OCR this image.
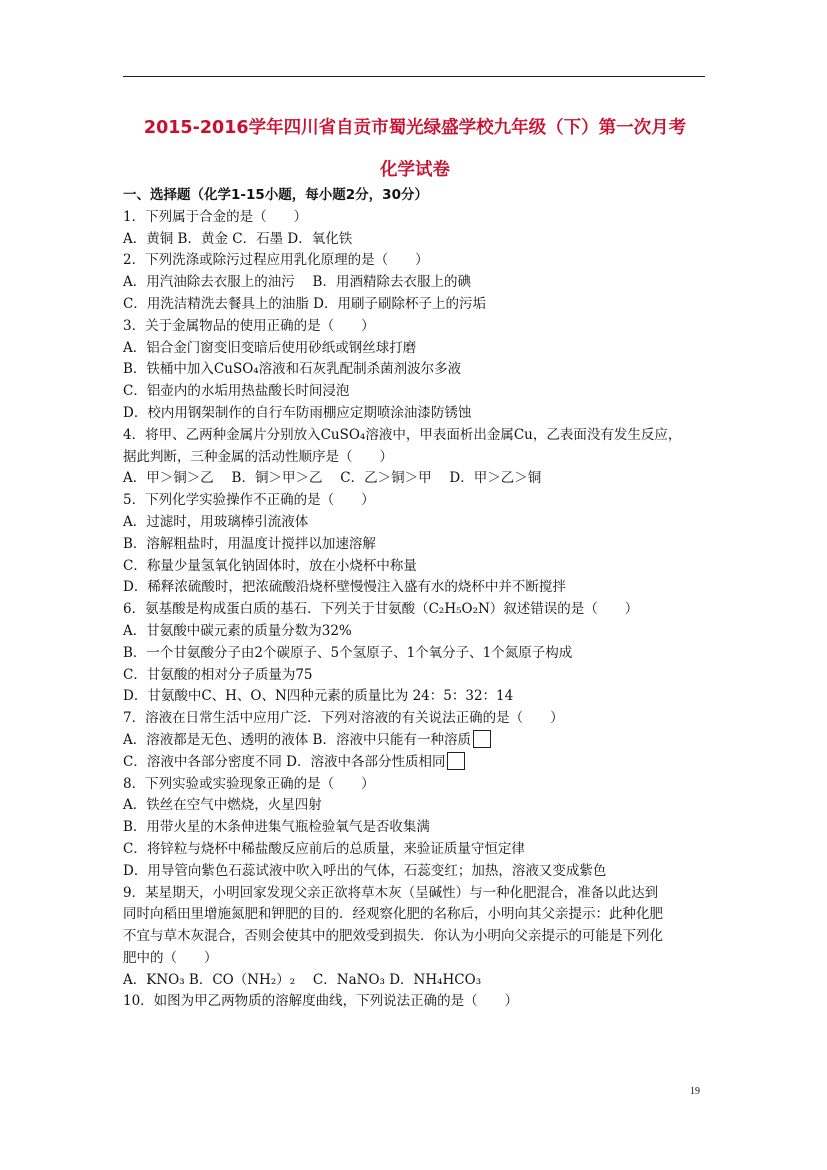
2015-2016学年四川省自贡市蜀光绿盛学校九年级（下）第一次月考
化学试卷
一、选择题（化学1-15小题，每小题2分，30分）
1．下列属于合金的是（　　）
A．黄铜 B．黄金 C．石墨 D．氧化铁
2．下列洗涤或除污过程应用乳化原理的是（　　）
A．用汽油除去衣服上的油污　 B．用酒精除去衣服上的碘
C．用洗洁精洗去餐具上的油脂 D．用刷子刷除杯子上的污垢
3．关于金属物品的使用正确的是（　　）
A．铝合金门窗变旧变暗后使用砂纸或钢丝球打磨
B．铁桶中加入CuSO₄溶液和石灰乳配制杀菌剂波尔多液
C．铝壶内的水垢用热盐酸长时间浸泡
D．校内用钢架制作的自行车防雨棚应定期喷涂油漆防锈蚀
4．将甲、乙两种金属片分别放入CuSO₄溶液中，甲表面析出金属Cu，乙表面没有发生反应，
据此判断，三种金属的活动性顺序是（　　）
A．甲＞铜＞乙　 B．铜＞甲＞乙　 C．乙＞铜＞甲　 D．甲＞乙＞铜
5．下列化学实验操作不正确的是（　　）
A．过滤时，用玻璃棒引流液体
B．溶解粗盐时，用温度计搅拌以加速溶解
C．称量少量氢氧化钠固体时，放在小烧杯中称量
D．稀释浓硫酸时，把浓硫酸沿烧杯壁慢慢注入盛有水的烧杯中并不断搅拌
6．氨基酸是构成蛋白质的基石．下列关于甘氨酸（C₂H₅O₂N）叙述错误的是（　　）
A．甘氨酸中碳元素的质量分数为32%
B．一个甘氨酸分子由2个碳原子、5个氢原子、1个氧分子、1个氮原子构成
C．甘氨酸的相对分子质量为75
D．甘氨酸中C、H、O、N四种元素的质量比为 24：5：32：14
7．溶液在日常生活中应用广泛．下列对溶液的有关说法正确的是（　　）
A．溶液都是无色、透明的液体 B．溶液中只能有一种溶质
C．溶液中各部分密度不同 D．溶液中各部分性质相同
8．下列实验或实验现象正确的是（　　）
A．铁丝在空气中燃烧，火星四射
B．用带火星的木条伸进集气瓶检验氧气是否收集满
C．将锌粒与烧杯中稀盐酸反应前后的总质量，来验证质量守恒定律
D．用导管向紫色石蕊试液中吹入呼出的气体，石蕊变红；加热，溶液又变成紫色
9．某星期天，小明回家发现父亲正欲将草木灰（呈碱性）与一种化肥混合，准备以此达到
同时向稻田里增施氮肥和钾肥的目的．经观察化肥的名称后，小明向其父亲提示：此种化肥
不宜与草木灰混合，否则会使其中的肥效受到损失．你认为小明向父亲提示的可能是下列化
肥中的（　　）
A．KNO₃ B．CO（NH₂）₂　 C．NaNO₃ D．NH₄HCO₃
10．如图为甲乙两物质的溶解度曲线，下列说法正确的是（　　）
19
